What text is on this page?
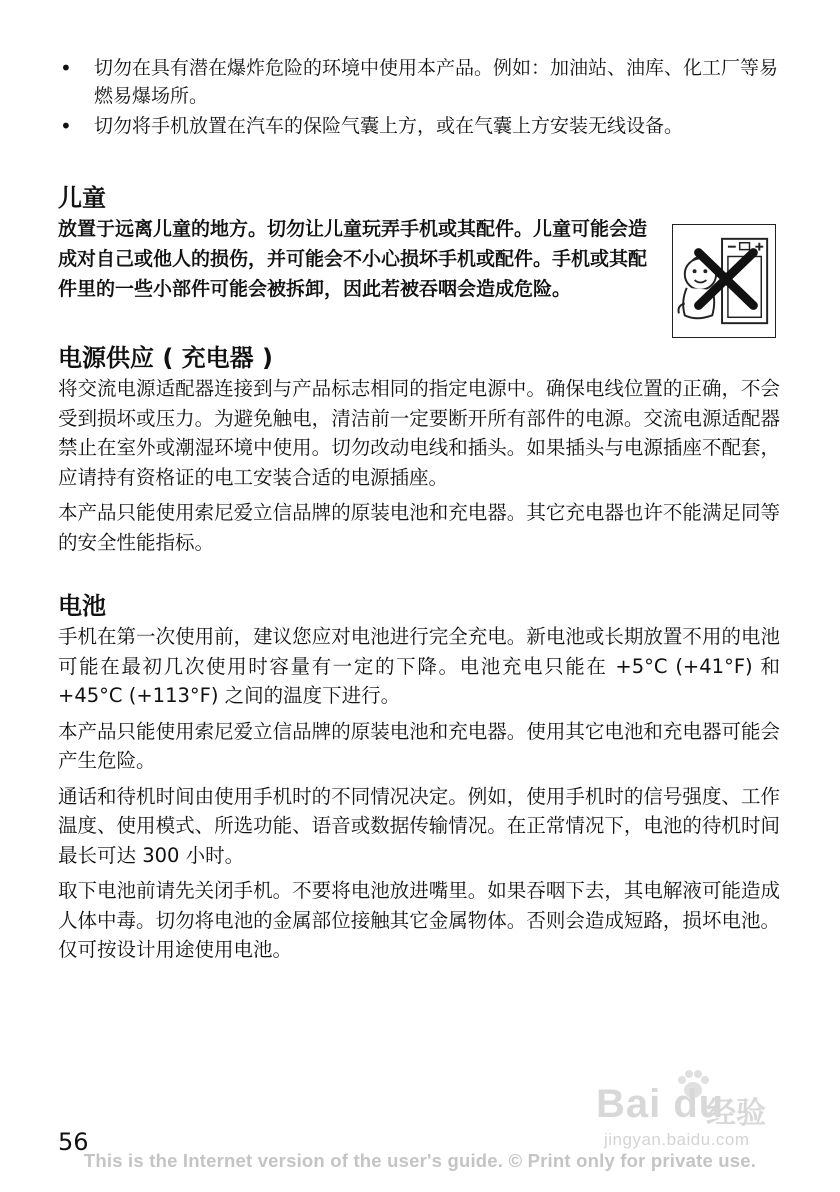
• 切勿在具有潜在爆炸危险的环境中使用本产品。例如：加油站、油库、化工厂等易燃易爆场所。
• 切勿将手机放置在汽车的保险气囊上方，或在气囊上方安装无线设备。
儿童

放置于远离儿童的地方。切勿让儿童玩弄手机或其配件。儿童可能会造成对自己或他人的损伤，并可能会不小心损坏手机或配件。手机或其配件里的一些小部件可能会被拆卸，因此若被吞咽会造成危险。

电源供应 ( 充电器 )

将交流电源适配器连接到与产品标志相同的指定电源中。确保电线位置的正确，不会受到损坏或压力。为避免触电，清洁前一定要断开所有部件的电源。交流电源适配器禁止在室外或潮湿环境中使用。切勿改动电线和插头。如果插头与电源插座不配套，应请持有资格证的电工安装合适的电源插座。

本产品只能使用索尼爱立信品牌的原装电池和充电器。其它充电器也许不能满足同等的安全性能指标。

电池

手机在第一次使用前，建议您应对电池进行完全充电。新电池或长期放置不用的电池可能在最初几次使用时容量有一定的下降。电池充电只能在 +5°C (+41°F) 和 +45°C (+113°F) 之间的温度下进行。

本产品只能使用索尼爱立信品牌的原装电池和充电器。使用其它电池和充电器可能会产生危险。

通话和待机时间由使用手机时的不同情况决定。例如，使用手机时的信号强度、工作温度、使用模式、所选功能、语音或数据传输情况。在正常情况下，电池的待机时间最长可达 300 小时。

取下电池前请先关闭手机。不要将电池放进嘴里。如果吞咽下去，其电解液可能造成人体中毒。切勿将电池的金属部位接触其它金属物体。否则会造成短路，损坏电池。仅可按设计用途使用电池。

56
Bai du
经验
jingyan.baidu.com
This is the Internet version of the user's guide. © Print only for private use.
